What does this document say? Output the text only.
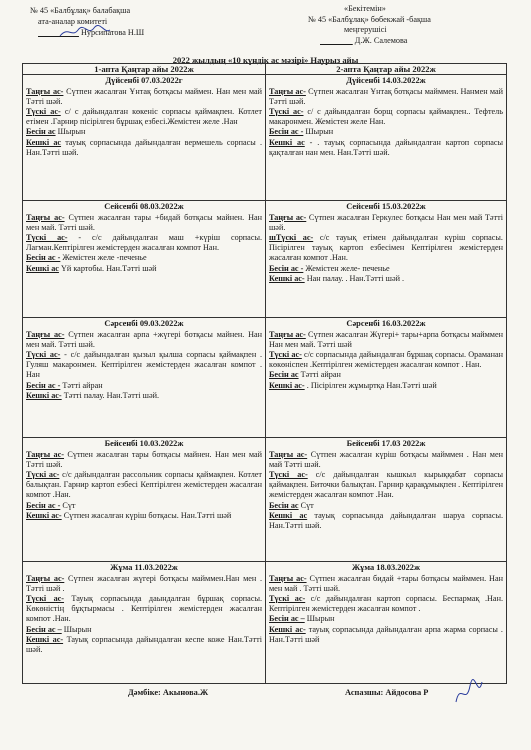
№ 45 «Балбұлақ» балабақша
ата-аналар комитеті
Нурсипатова Н.Ш
«Бекітемін»
№ 45 «Балбұлақ» бөбекжай -бақша
меңгерушісі
Д.Ж. Салемова
2022 жылдың «10 күндік ас мәзірі» Наурыз айы
1-апта Қаңтар айы 2022ж	2-апта Қаңтар айы 2022ж
Дүйсенбі 07.03.2022г

Таңғы ас- Сүтпен жасалған Ұнтақ ботқасы маймен. Нан мен май Тәтті шәй.

Түскі ас- с/ с дайындалған көкеніс сорпасы қаймақпен. Котлет етімен .Гарнир пісірілген бұршақ езбесі.Жемістен желе .Нан

Бесін ас Шырын

Кешкі ас тауық сорпасында дайындалған вермешель сорпасы . Нан.Тәтті шәй.

Дүйсенбі 14.03.2022ж

Таңғы ас- Сүтпен жасалған Ұнтақ ботқасы майммен. Нанмен май Тәтті шәй.

Түскі ас- с/ с дайындалған борщ сорпасы қаймақпен.. Тефтель макаронмен. Жемістен желе Нан.

Бесін ас - Шырын

Кешкі ас - . тауық сорпасында дайындалған картоп сорпасы қақталған нан мен. Нан.Тәтті шәй.

Сейсенбі 08.03.2022ж

Таңғы ас- Сүтпен жасалған тары +бидай ботқасы майнен. Нан мен май. Тәтті шәй.

Түскі ас- - с/с дайындалған маш +күріш сорпасы. Лагман.Кептірілген жемістерден жасалған компот Нан.

Бесін ас - Жемістен желе -печенье

Кешкі ас Үй картобы. Нан.Тәтті шәй

Сейсенбі 15.03.2022ж

Таңғы ас- Сүтпен жасалған Геркулес ботқасы Нан мен май Тәтті шәй.

шТүскі ас- с/с тауық етімен дайындалған күріш сорпасы. Пісірілген тауық картоп езбесімен Кептірілген жемістерден жасалған компот .Нан.

Бесін ас - Жемістен желе- печенье

Кешкі ас- Нан палау. . Нан.Тәтті шәй .

Сәрсенбі 09.03.2022ж

Таңғы ас- Сүтпен жасалған арпа +жүгері ботқасы майнен. Нан мен май. Тәтті шәй.

Түскі ас- - с/с дайындалған қызыл қылша сорпасы қаймақпен . Гуляш макаронмен. Кептірілген жемістерден жасалған компот . Нан

Бесін ас - Тәтті айран

Кешкі ас- Тәтті палау. Нан.Тәтті шәй.

Сәрсенбі 16.03.2022ж

Таңғы ас- Сүтпен жасалған Жүгері+ тары+арпа ботқасы майммен Нан мен май. Тәтті шәй

Түскі ас- с/с сорпасында дайындалған бұршақ сорпасы. Ораманан көкөніспен .Кептірілген жемістерден жасалған компот . Нан.

Бесін ас Тәтті айран

Кешкі ас- . Пісірілген жұмыртқа Нан.Тәтті шәй

Бейсенбі 10.03.2022ж

Таңғы ас- Сүтпен жасалған тары ботқасы майнен. Нан мен май Тәтті шәй.

Түскі ас- с/с дайындалған рассольник сорпасы қаймақпен. Котлет балықтан. Гарнир картоп езбесі Кептірілген жемістерден жасалған компот .Нан.

Бесін ас - Сүт

Кешкі ас- Сүтпен жасалған күріш ботқасы. Нан.Тәтті шәй

Бейсенбі 17.03 2022ж

Таңғы ас- Сүтпен жасалған күріш ботқасы майммен . Нан мен май Тәтті шәй.

Түскі ас- с/с дайындалған кышкыл кырыққабат сорпасы қаймақпен. Биточки балықтан. Гарнир қарақұмықпен . Кептірілген жемістерден жасалған компот .Нан.

Бесін ас Сүт

Кешкі ас тауық сорпасында дайындалған шаруа сорпасы. Нан.Тәтті шәй.

Жұма 11.03.2022ж

Таңғы ас- Сүтпен жасалған жүгері ботқасы майммен.Нан мен . Тәтті шәй .

Түскі ас- Тауық сорпасында даындалған бұршақ сорпасы. Көкөністің бұқтырмасы . Кептірілген жемістерден жасалған компот .Нан.

Бесін ас – Шырын

Кешкі ас- Тауық сорпасында дайындалған кеспе коже Нан.Тәтті шәй.

Жұма 18.03.2022ж

Таңғы ас- Сүтпен жасалған бидай +тары ботқасы майммен. Нан мен май . Тәтті шәй.

Түскі ас- с/с дайындалған картоп сорпасы. Беспармақ .Нан. Кептірілген жемістерден жасалған компот .

Бесін ас – Шырын

Кешкі ас- тауық сорпасында дайындалған арпа жарма сорпасы . Нан.Тәтті шәй

Дәмбіке: Акынова.Ж	Аспазшы: Айдосова Р
